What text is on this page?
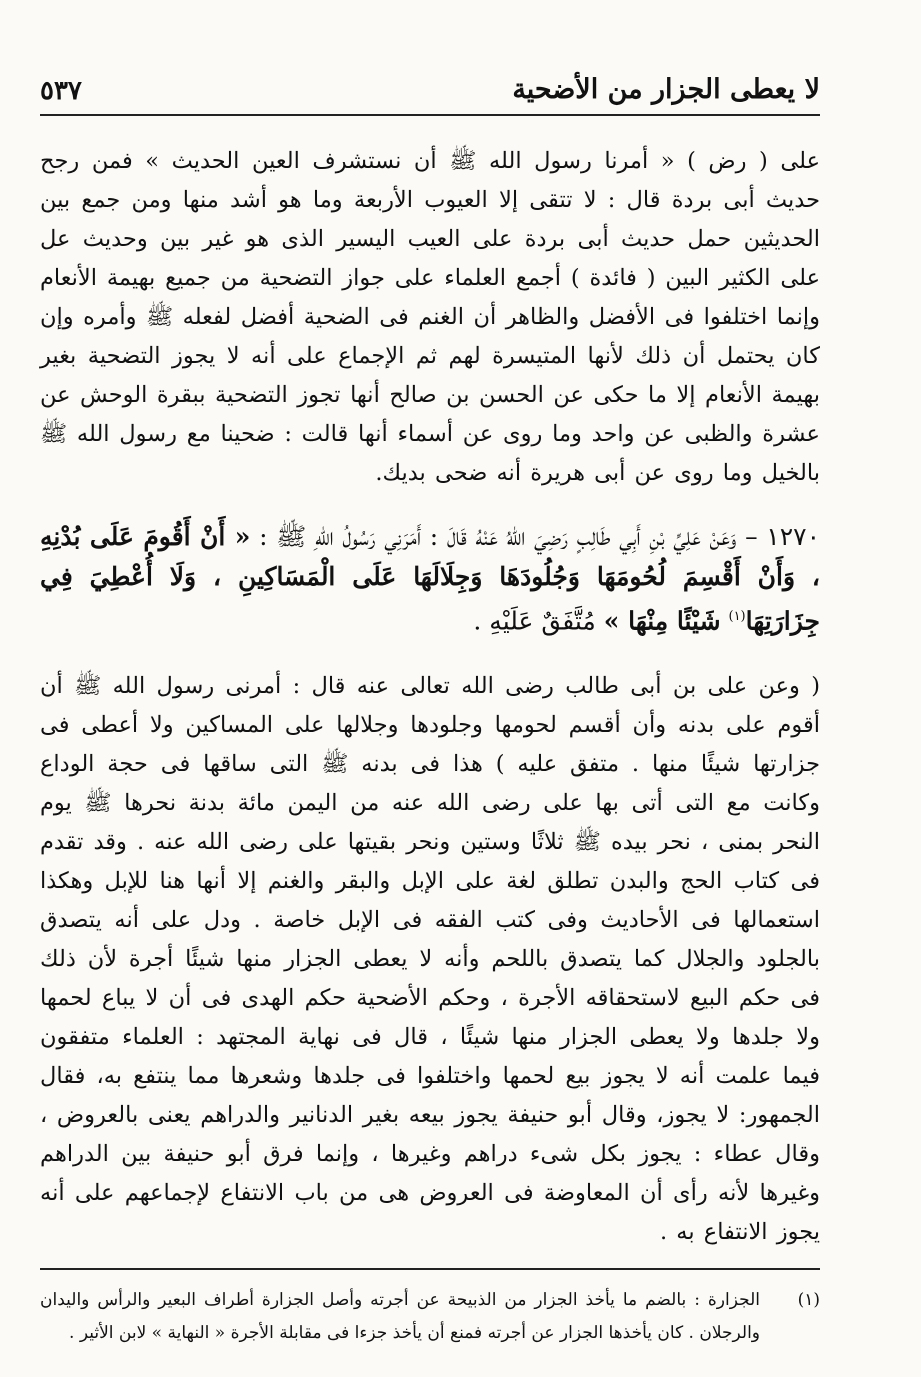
لا يعطى الجزار من الأضحية
٥٣٧

على ( رض ) « أمرنا رسول الله ﷺ أن نستشرف العين الحديث » فمن رجح حديث أبى بردة قال : لا تتقى إلا العيوب الأربعة وما هو أشد منها ومن جمع بين الحديثين حمل حديث أبى بردة على العيب اليسير الذى هو غير بين وحديث عل على الكثير البين ( فائدة ) أجمع العلماء على جواز التضحية من جميع بهيمة الأنعام وإنما اختلفوا فى الأفضل والظاهر أن الغنم فى الضحية أفضل لفعله ﷺ وأمره وإن كان يحتمل أن ذلك لأنها المتيسرة لهم ثم الإجماع على أنه لا يجوز التضحية بغير بهيمة الأنعام إلا ما حكى عن الحسن بن صالح أنها تجوز التضحية ببقرة الوحش عن عشرة والظبى عن واحد وما روى عن أسماء أنها قالت : ضحينا مع رسول الله ﷺ بالخيل وما روى عن أبى هريرة أنه ضحى بديك.

١٢٧٠ – وَعَنْ عَلِيِّ بْنِ أَبِي طَالِبٍ رَضِيَ اللهُ عَنْهُ قَالَ : أَمَرَنِي رَسُولُ اللهِ ﷺ : « أَنْ أَقُومَ عَلَى بُدْنِهِ ، وَأَنْ أَقْسِمَ لُحُومَهَا وَجُلُودَهَا وَجِلَالَهَا عَلَى الْمَسَاكِينِ ، وَلَا أُعْطِيَ فِي جِزَارَتِهَا$^{(١)}$ شَيْئًا مِنْهَا » مُتَّفَقٌ عَلَيْهِ .

( وعن على بن أبى طالب رضى الله تعالى عنه قال : أمرنى رسول الله ﷺ أن أقوم على بدنه وأن أقسم لحومها وجلودها وجلالها على المساكين ولا أعطى فى جزارتها شيئًا منها . متفق عليه ) هذا فى بدنه ﷺ التى ساقها فى حجة الوداع وكانت مع التى أتى بها على رضى الله عنه من اليمن مائة بدنة نحرها ﷺ يوم النحر بمنى ، نحر بيده ﷺ ثلاثًا وستين ونحر بقيتها على رضى الله عنه . وقد تقدم فى كتاب الحج والبدن تطلق لغة على الإبل والبقر والغنم إلا أنها هنا للإبل وهكذا استعمالها فى الأحاديث وفى كتب الفقه فى الإبل خاصة . ودل على أنه يتصدق بالجلود والجلال كما يتصدق باللحم وأنه لا يعطى الجزار منها شيئًا أجرة لأن ذلك فى حكم البيع لاستحقاقه الأجرة ، وحكم الأضحية حكم الهدى فى أن لا يباع لحمها ولا جلدها ولا يعطى الجزار منها شيئًا ، قال فى نهاية المجتهد : العلماء متفقون فيما علمت أنه لا يجوز بيع لحمها واختلفوا فى جلدها وشعرها مما ينتفع به، فقال الجمهور: لا يجوز، وقال أبو حنيفة يجوز بيعه بغير الدنانير والدراهم يعنى بالعروض ، وقال عطاء : يجوز بكل شىء دراهم وغيرها ، وإنما فرق أبو حنيفة بين الدراهم وغيرها لأنه رأى أن المعاوضة فى العروض هى من باب الانتفاع لإجماعهم على أنه يجوز الانتفاع به .

(١)
الجزارة : بالضم ما يأخذ الجزار من الذبيحة عن أجرته وأصل الجزارة أطراف البعير والرأس واليدان والرجلان . كان يأخذها الجزار عن أجرته فمنع أن يأخذ جزءا فى مقابلة الأجرة « النهاية » لابن الأثير .
